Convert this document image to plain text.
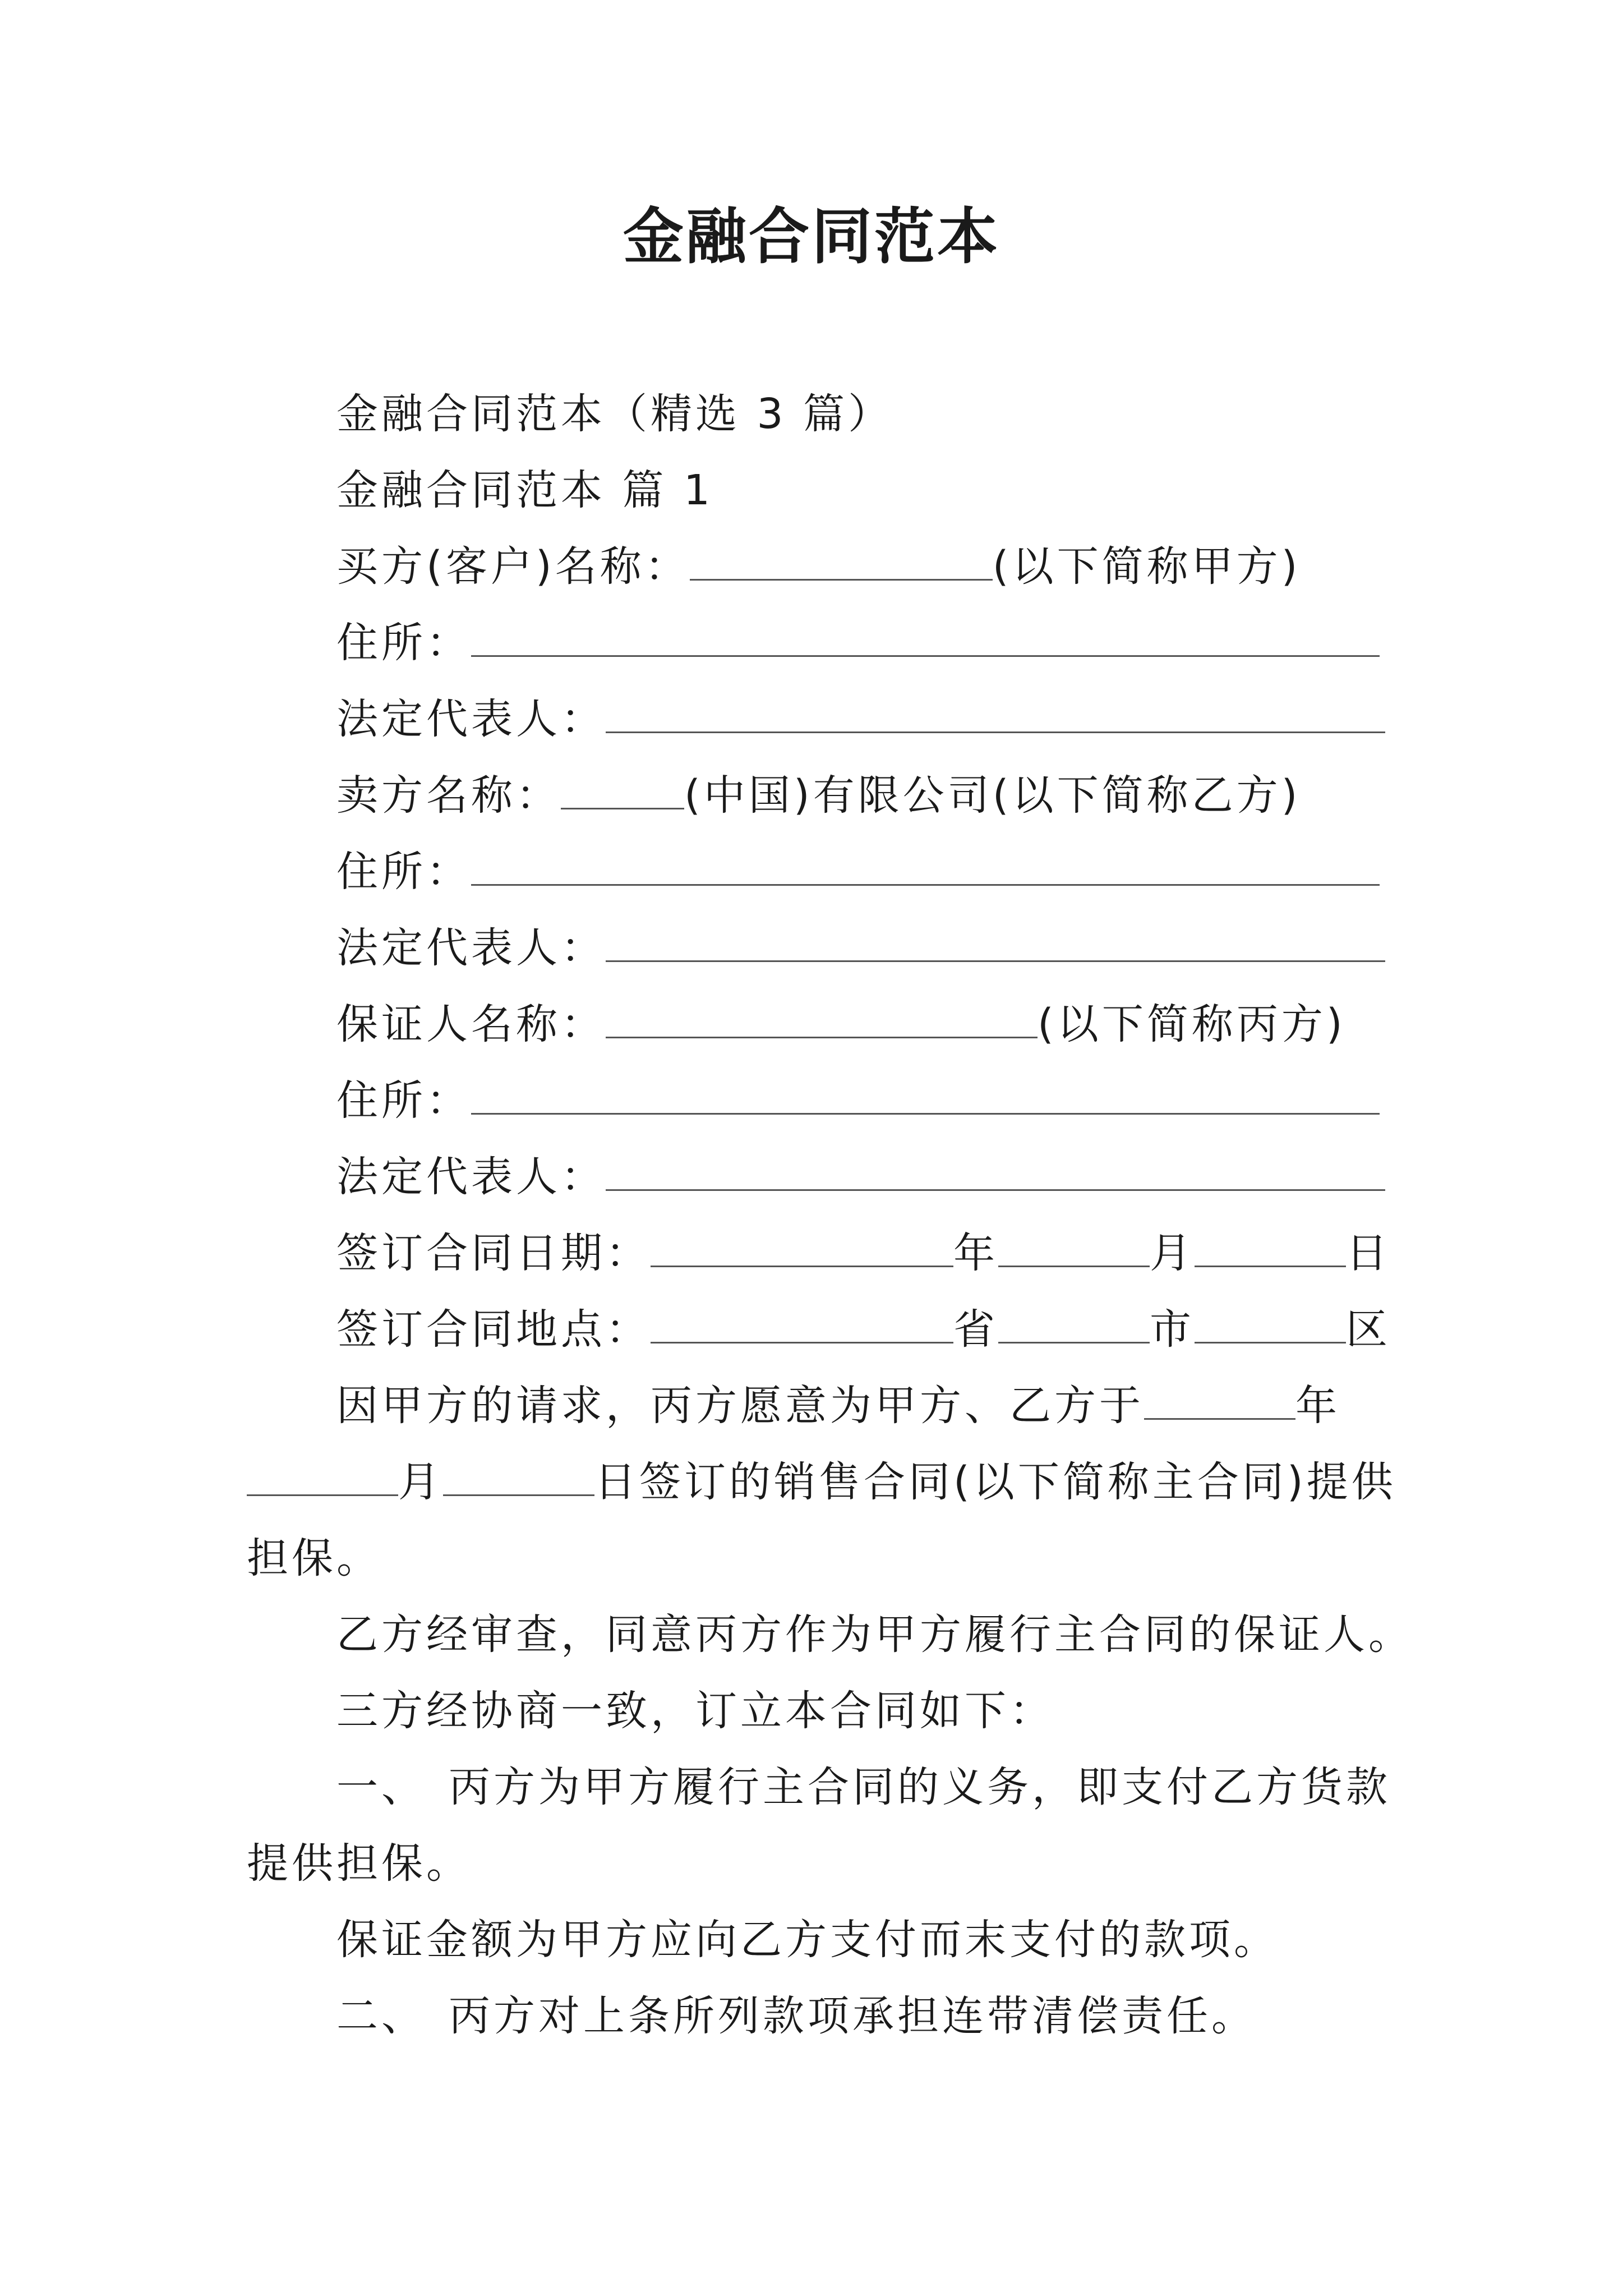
金融合同范本
金融合同范本（精选 3 篇）
金融合同范本 篇 1
买方(客户)名称：	(以下简称甲方)
住所：
法定代表人：
卖方名称：	(中国)有限公司(以下简称乙方)
住所：
法定代表人：
保证人名称：	(以下简称丙方)
住所：
法定代表人：
签订合同日期：	年	月	日
签订合同地点：	省	市	区
因甲方的请求，丙方愿意为甲方、乙方于	年
月	日签订的销售合同(以下简称主合同)提供
担保。
乙方经审查，同意丙方作为甲方履行主合同的保证人。
三方经协商一致，订立本合同如下：
一、 丙方为甲方履行主合同的义务，即支付乙方货款
提供担保。
保证金额为甲方应向乙方支付而末支付的款项。
二、 丙方对上条所列款项承担连带清偿责任。
